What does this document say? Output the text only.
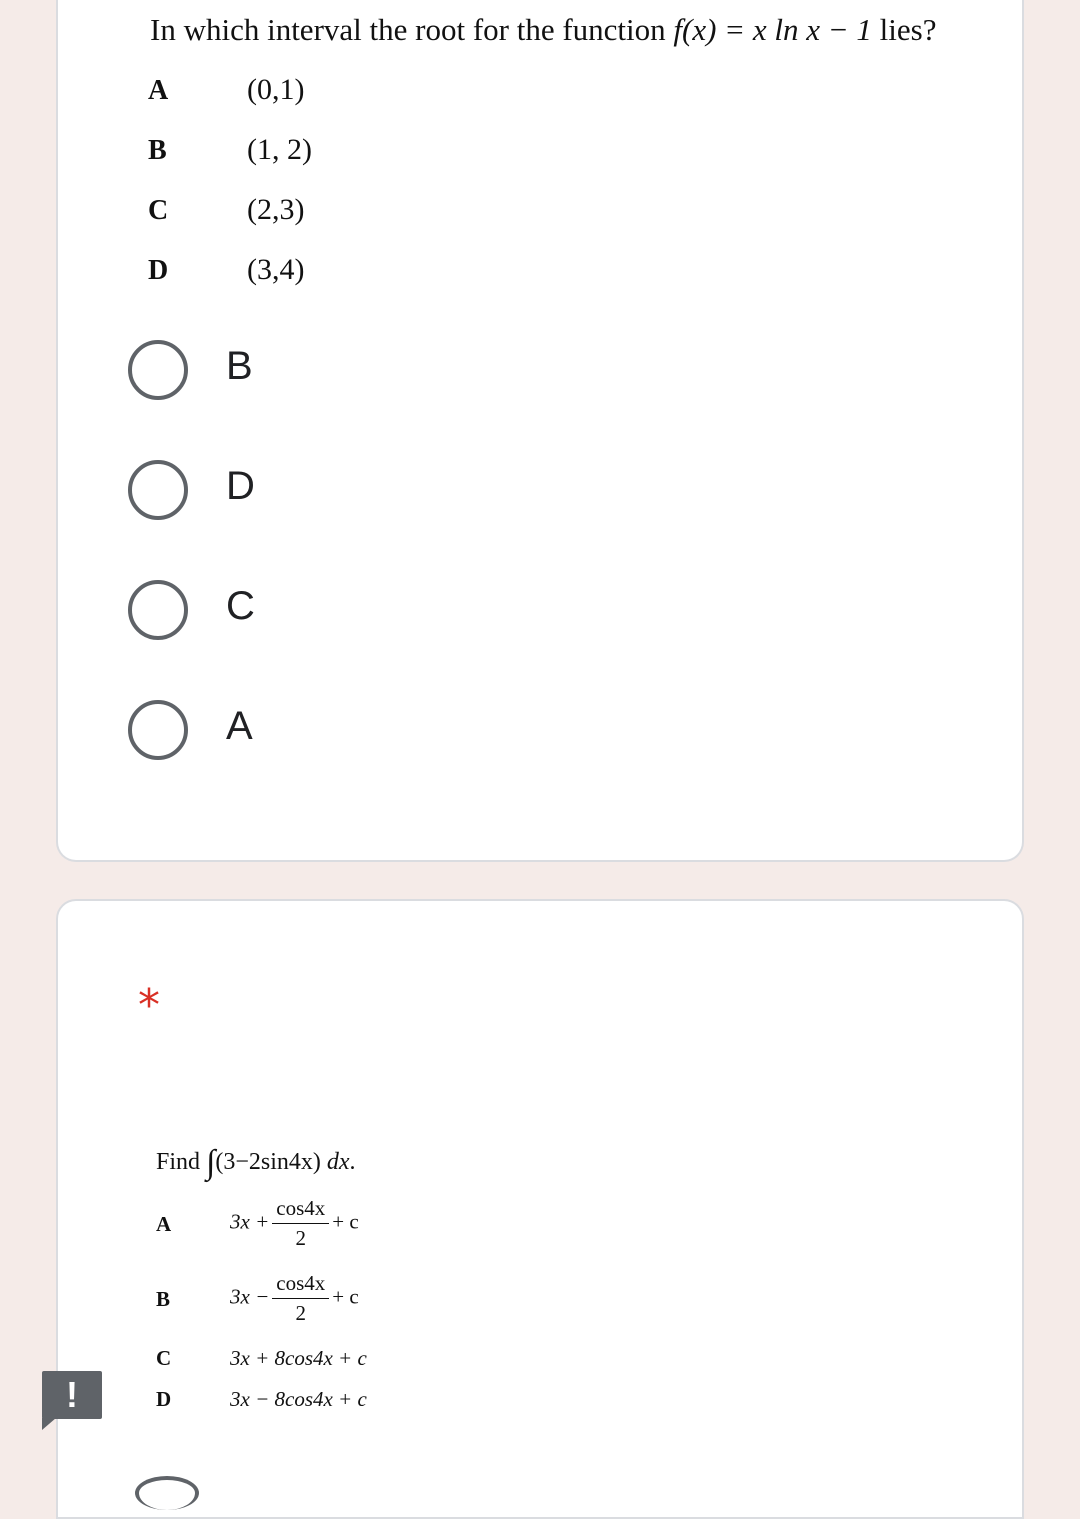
In which interval the root for the function f(x) = x ln x − 1 lies?
A	(0,1)
B	(1, 2)
C	(2,3)
D	(3,4)
B
D
C
A
*
Find ∫(3−2sin4x) dx.
A	$3x + \frac{\cos 4x}{2} + c$
B	$3x - \frac{\cos 4x}{2} + c$
C	3x + 8cos4x + c
D	3x − 8cos4x + c
!
